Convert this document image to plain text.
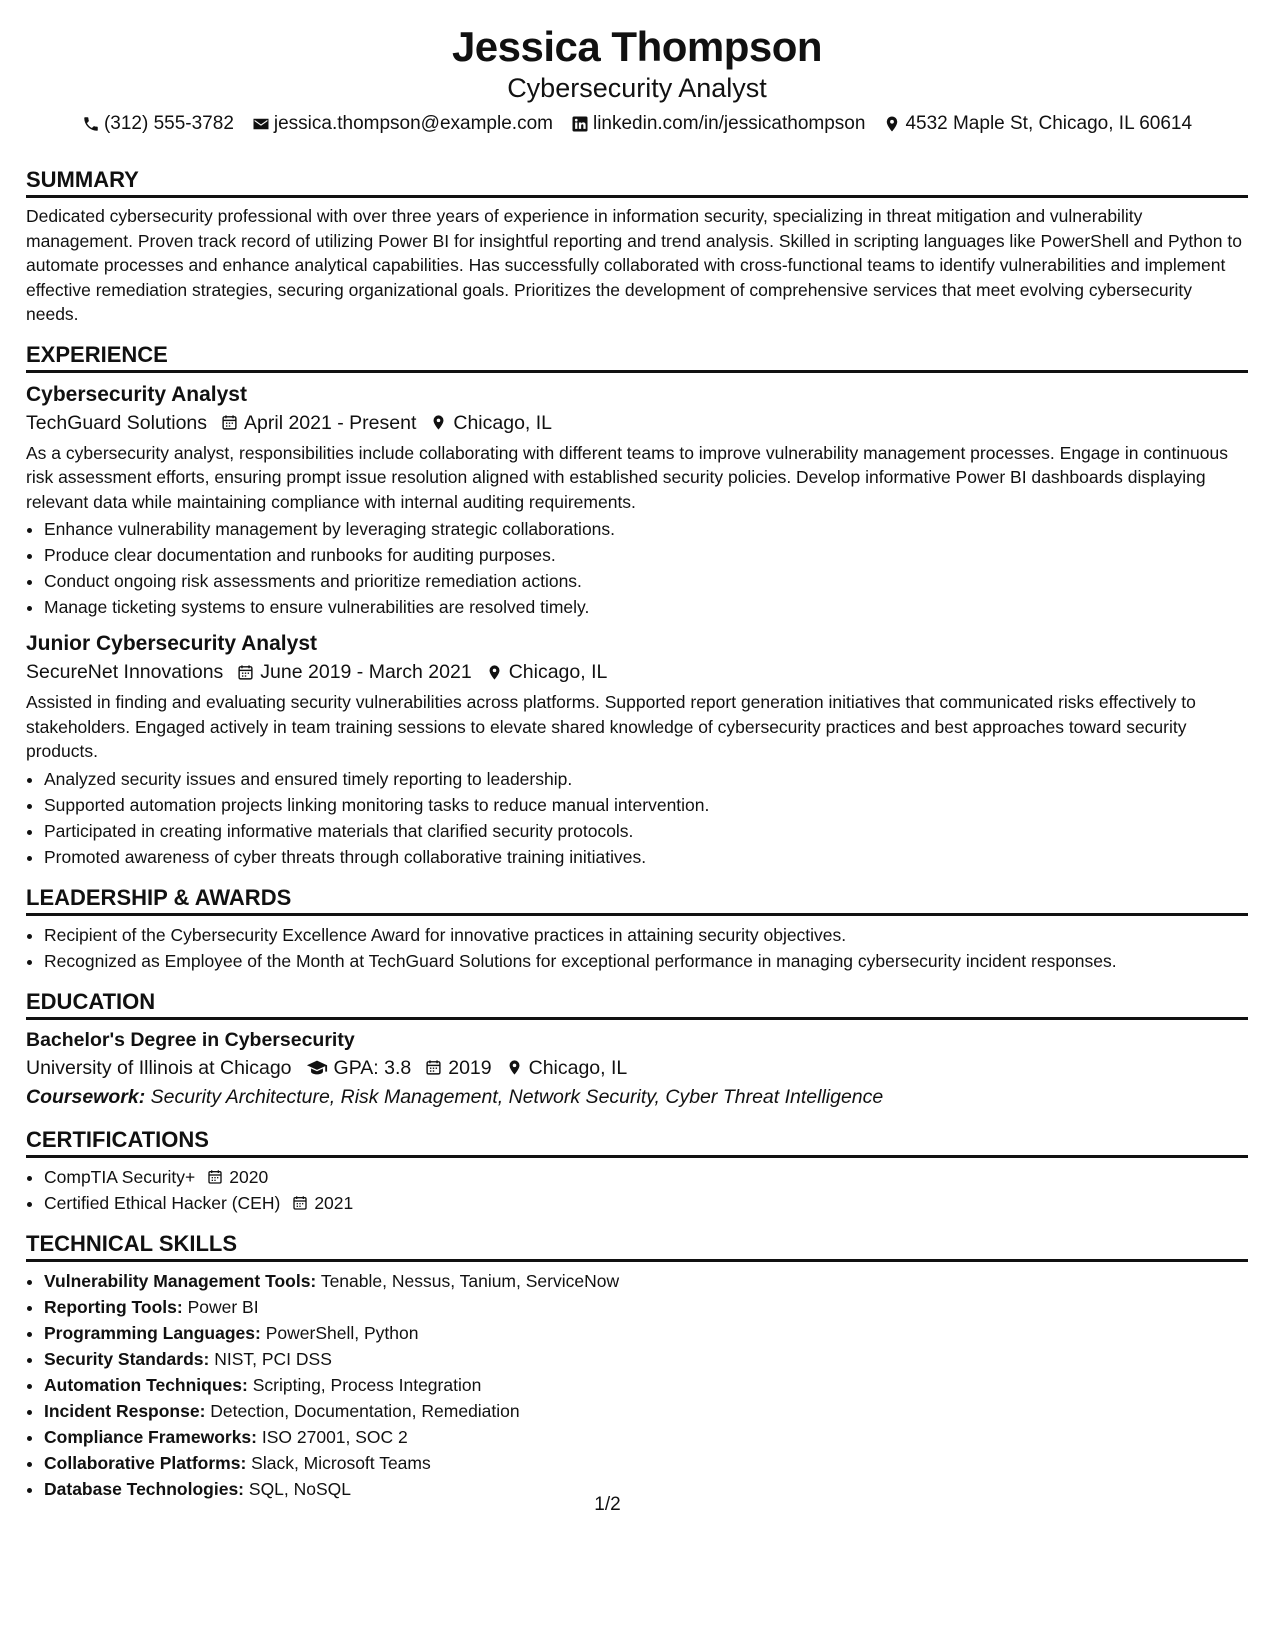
Jessica Thompson
Cybersecurity Analyst
(312) 555-3782 jessica.thompson@example.com linkedin.com/in/jessicathompson 4532 Maple St, Chicago, IL 60614
SUMMARY

Dedicated cybersecurity professional with over three years of experience in information security, specializing in threat mitigation and vulnerability management. Proven track record of utilizing Power BI for insightful reporting and trend analysis. Skilled in scripting languages like PowerShell and Python to automate processes and enhance analytical capabilities. Has successfully collaborated with cross-functional teams to identify vulnerabilities and implement effective remediation strategies, securing organizational goals. Prioritizes the development of comprehensive services that meet evolving cybersecurity needs.

EXPERIENCE
Cybersecurity Analyst
TechGuard Solutions April 2021 - Present Chicago, IL

As a cybersecurity analyst, responsibilities include collaborating with different teams to improve vulnerability management processes. Engage in continuous risk assessment efforts, ensuring prompt issue resolution aligned with established security policies. Develop informative Power BI dashboards displaying relevant data while maintaining compliance with internal auditing requirements.

• Enhance vulnerability management by leveraging strategic collaborations.
• Produce clear documentation and runbooks for auditing purposes.
• Conduct ongoing risk assessments and prioritize remediation actions.
• Manage ticketing systems to ensure vulnerabilities are resolved timely.
Junior Cybersecurity Analyst
SecureNet Innovations June 2019 - March 2021 Chicago, IL

Assisted in finding and evaluating security vulnerabilities across platforms. Supported report generation initiatives that communicated risks effectively to stakeholders. Engaged actively in team training sessions to elevate shared knowledge of cybersecurity practices and best approaches toward security products.

• Analyzed security issues and ensured timely reporting to leadership.
• Supported automation projects linking monitoring tasks to reduce manual intervention.
• Participated in creating informative materials that clarified security protocols.
• Promoted awareness of cyber threats through collaborative training initiatives.
LEADERSHIP & AWARDS
• Recipient of the Cybersecurity Excellence Award for innovative practices in attaining security objectives.
• Recognized as Employee of the Month at TechGuard Solutions for exceptional performance in managing cybersecurity incident responses.
EDUCATION
Bachelor's Degree in Cybersecurity
University of Illinois at Chicago GPA: 3.8 2019 Chicago, IL

Coursework: Security Architecture, Risk Management, Network Security, Cyber Threat Intelligence

CERTIFICATIONS
• CompTIA Security+ 2020
• Certified Ethical Hacker (CEH) 2021
TECHNICAL SKILLS
• Vulnerability Management Tools: Tenable, Nessus, Tanium, ServiceNow
• Reporting Tools: Power BI
• Programming Languages: PowerShell, Python
• Security Standards: NIST, PCI DSS
• Automation Techniques: Scripting, Process Integration
• Incident Response: Detection, Documentation, Remediation
• Compliance Frameworks: ISO 27001, SOC 2
• Collaborative Platforms: Slack, Microsoft Teams
• Database Technologies: SQL, NoSQL
1/2
